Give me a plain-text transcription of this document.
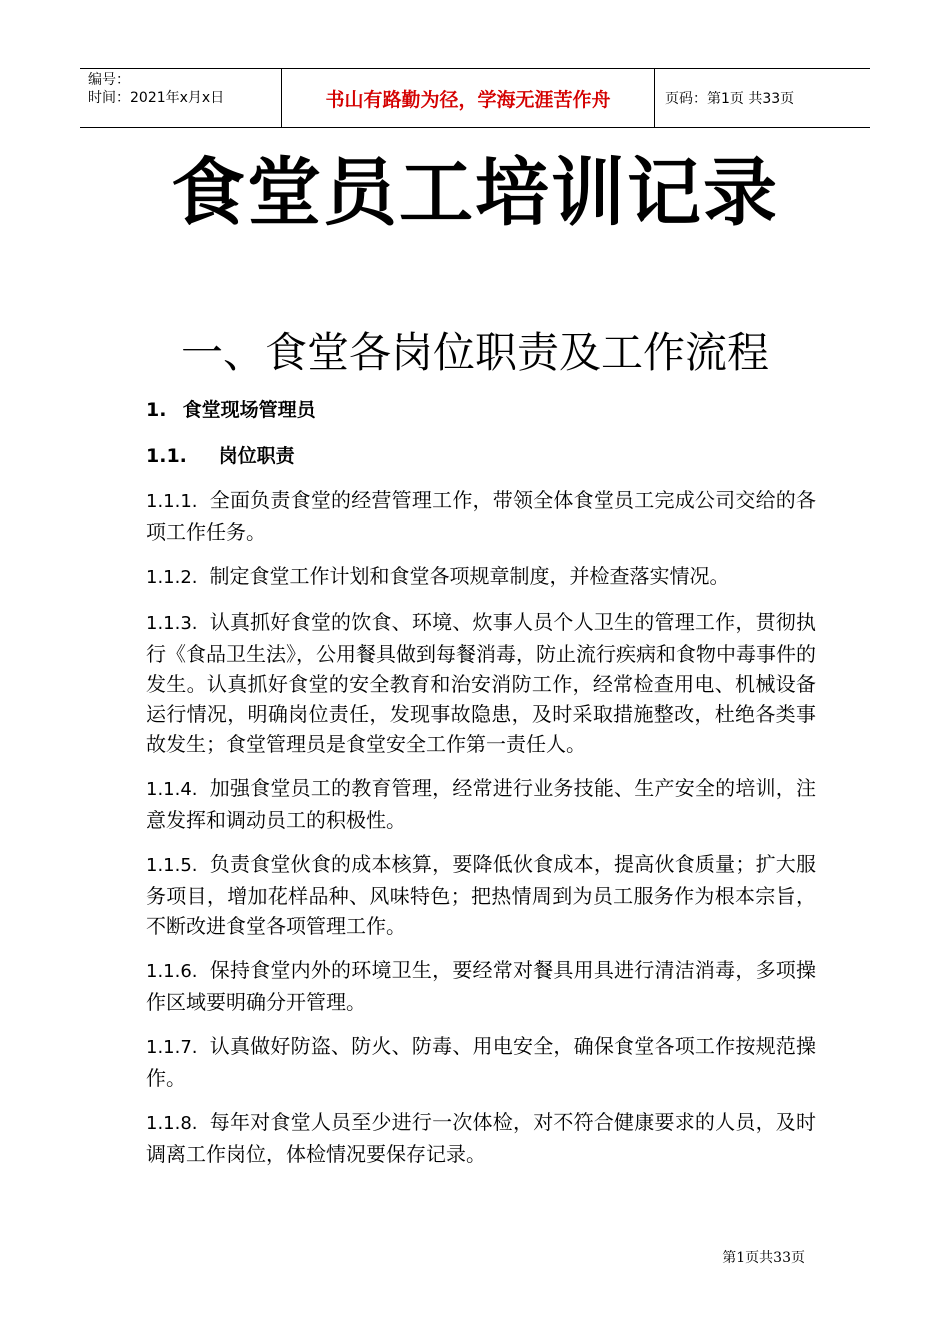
编号：
时间：2021年x月x日	书山有路勤为径，学海无涯苦作舟	页码：第1页 共33页
食堂员工培训记录
一、食堂各岗位职责及工作流程
1. 食堂现场管理员
1.1. 岗位职责
1.1.1. 全面负责食堂的经营管理工作，带领全体食堂员工完成公司交给的各项工作任务。
1.1.2. 制定食堂工作计划和食堂各项规章制度，并检查落实情况。
1.1.3. 认真抓好食堂的饮食、环境、炊事人员个人卫生的管理工作，贯彻执行《食品卫生法》，公用餐具做到每餐消毒，防止流行疾病和食物中毒事件的发生。认真抓好食堂的安全教育和治安消防工作，经常检查用电、机械设备运行情况，明确岗位责任，发现事故隐患，及时采取措施整改，杜绝各类事故发生；食堂管理员是食堂安全工作第一责任人。
1.1.4. 加强食堂员工的教育管理，经常进行业务技能、生产安全的培训，注意发挥和调动员工的积极性。
1.1.5. 负责食堂伙食的成本核算，要降低伙食成本，提高伙食质量；扩大服务项目，增加花样品种、风味特色；把热情周到为员工服务作为根本宗旨，不断改进食堂各项管理工作。
1.1.6. 保持食堂内外的环境卫生，要经常对餐具用具进行清洁消毒，多项操作区域要明确分开管理。
1.1.7. 认真做好防盗、防火、防毒、用电安全，确保食堂各项工作按规范操作。
1.1.8. 每年对食堂人员至少进行一次体检，对不符合健康要求的人员，及时调离工作岗位，体检情况要保存记录。
第1页共33页
